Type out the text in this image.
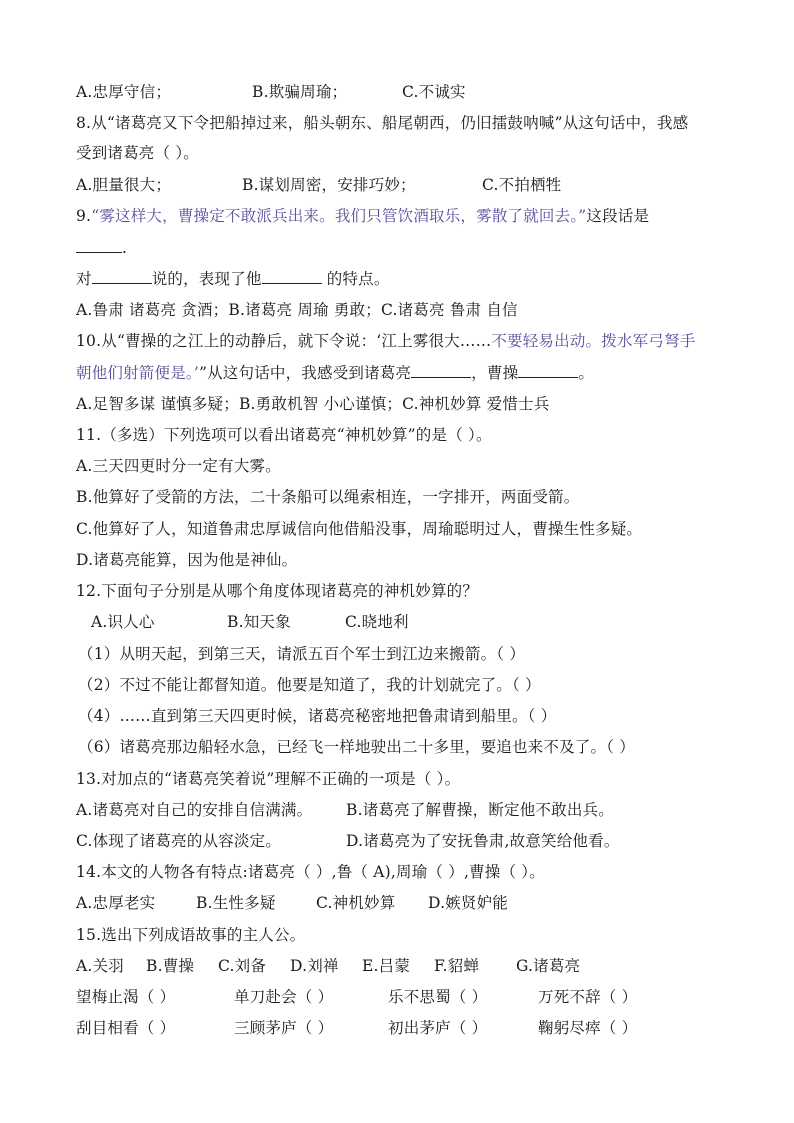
A.忠厚守信；	B.欺骗周瑜；	C.不诚实
8.从“诸葛亮又下令把船掉过来，船头朝东、船尾朝西，仍旧擂鼓呐喊”从这句话中，我感
受到诸葛亮（ ）。
A.胆量很大；	B.谋划周密，安排巧妙；	C.不拍栖牲
9.“雾这样大，曹操定不敢派兵出来。我们只管饮酒取乐，雾散了就回去。”这段话是
.
对	说的，表现了他	的特点。
A.鲁肃 诸葛亮 贪酒；B.诸葛亮 周瑜 勇敢；C.诸葛亮 鲁肃 自信
10.从“曹操的之江上的动静后，就下令说：‘江上雾很大……不要轻易出动。拨水军弓弩手
朝他们射箭便是。’”从这句话中，我感受到诸葛亮	，曹操	。
A.足智多谋 谨慎多疑；B.勇敢机智 小心谨慎；C.神机妙算 爱惜士兵
11.（多选）下列选项可以看出诸葛亮“神机妙算”的是（ ）。
A.三天四更时分一定有大雾。
B.他算好了受箭的方法，二十条船可以绳索相连，一字排开，两面受箭。
C.他算好了人，知道鲁肃忠厚诚信向他借船没事，周瑜聪明过人，曹操生性多疑。
D.诸葛亮能算，因为他是神仙。
12.下面句子分别是从哪个角度体现诸葛亮的神机妙算的？
A.识人心	B.知天象	C.晓地利
（1）从明天起，到第三天，请派五百个军士到江边来搬箭。（ ）
（2）不过不能让都督知道。他要是知道了，我的计划就完了。（ ）
（4）……直到第三天四更时候，诸葛亮秘密地把鲁肃请到船里。（ ）
（6）诸葛亮那边船轻水急，已经飞一样地驶出二十多里，要追也来不及了。（ ）
13.对加点的“诸葛亮笑着说”理解不正确的一项是（ ）。
A.诸葛亮对自己的安排自信满满。 B.诸葛亮了解曹操，断定他不敢出兵。
C.体现了诸葛亮的从容淡定。	D.诸葛亮为了安抚鲁肃,故意笑给他看。
14.本文的人物各有特点:诸葛亮（ ）,鲁（ A),周瑜（ ）,曹操（ ）。
A.忠厚老实	B.生性多疑	C.神机妙算 D.嫉贤妒能
15.选出下列成语故事的主人公。
A.关羽 B.曹操 C.刘备 D.刘禅 E.吕蒙 F.貂蝉 G.诸葛亮
望梅止渴（ ）	单刀赴会（ ）	乐不思蜀（ ）	万死不辞（ ）
刮目相看（ ）	三顾茅庐（ ）	初出茅庐（ ）	鞠躬尽瘁（ ）
